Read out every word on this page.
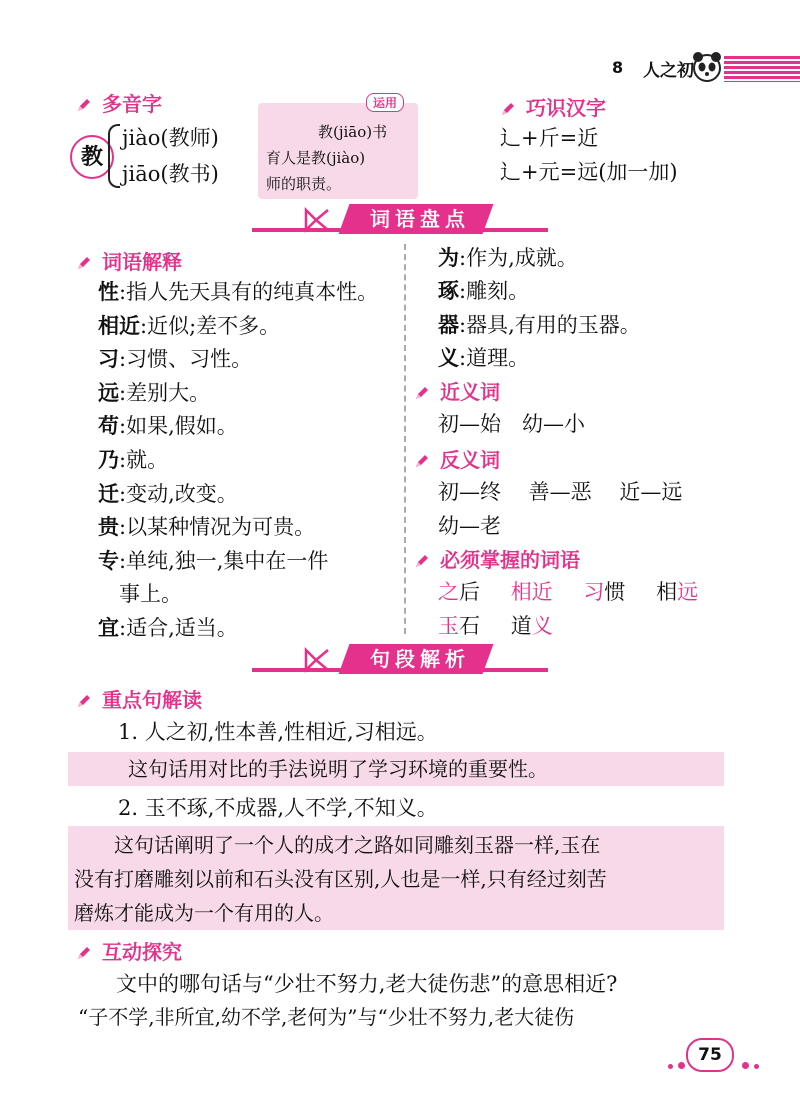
8 人之初
多音字
教
jiào(教师)
jiāo(教书)
运用
教(jiāo)书
育人是教(jiào)
师的职责。
巧识汉字
辶+斤=近
辶+元=远(加一加)
词语盘点
词语解释
性:指人先天具有的纯真本性。
相近:近似;差不多。
习:习惯、习性。
远:差别大。
苟:如果,假如。
乃:就。
迁:变动,改变。
贵:以某种情况为可贵。
专:单纯,独一,集中在一件
事上。
宜:适合,适当。
为:作为,成就。
琢:雕刻。
器:器具,有用的玉器。
义:道理。
近义词
初—始　幼—小
反义词
初—终　 善—恶　 近—远
幼—老
必须掌握的词语
之后 相近 习惯 相远
玉石 道义
句段解析
重点句解读
1. 人之初,性本善,性相近,习相远。
这句话用对比的手法说明了学习环境的重要性。
2. 玉不琢,不成器,人不学,不知义。
　　这句话阐明了一个人的成才之路如同雕刻玉器一样,玉在
没有打磨雕刻以前和石头没有区别,人也是一样,只有经过刻苦
磨炼才能成为一个有用的人。
互动探究
文中的哪句话与“少壮不努力,老大徒伤悲”的意思相近?
“子不学,非所宜,幼不学,老何为”与“少壮不努力,老大徒伤
75
